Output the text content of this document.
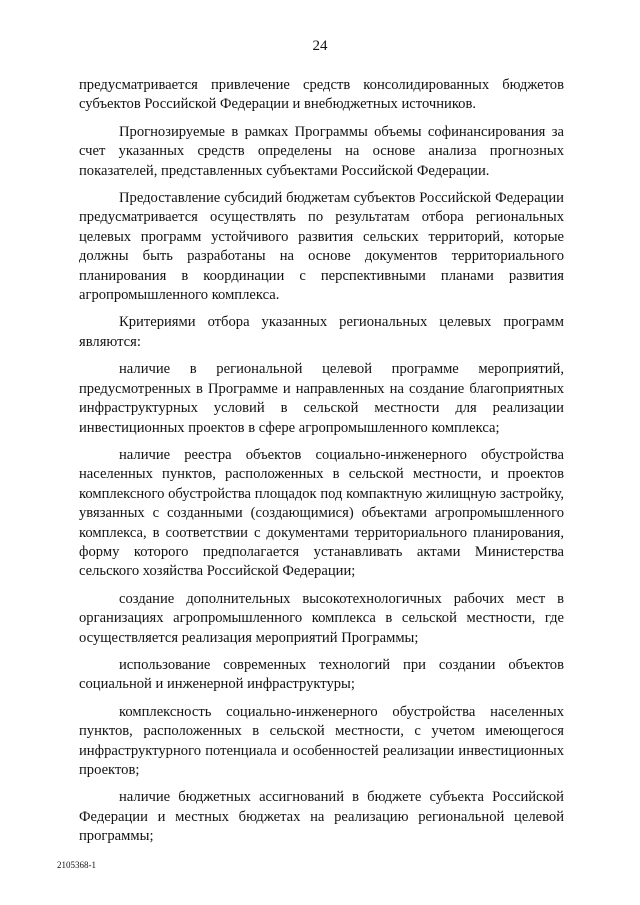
24

предусматривается привлечение средств консолидированных бюджетов субъектов Российской Федерации и внебюджетных источников.

Прогнозируемые в рамках Программы объемы софинансирования за счет указанных средств определены на основе анализа прогнозных показателей, представленных субъектами Российской Федерации.

Предоставление субсидий бюджетам субъектов Российской Федерации предусматривается осуществлять по результатам отбора региональных целевых программ устойчивого развития сельских территорий, которые должны быть разработаны на основе документов территориального планирования в координации с перспективными планами развития агропромышленного комплекса.

Критериями отбора указанных региональных целевых программ являются:

наличие в региональной целевой программе мероприятий, предусмотренных в Программе и направленных на создание благоприятных инфраструктурных условий в сельской местности для реализации инвестиционных проектов в сфере агропромышленного комплекса;

наличие реестра объектов социально-инженерного обустройства населенных пунктов, расположенных в сельской местности, и проектов комплексного обустройства площадок под компактную жилищную застройку, увязанных с созданными (создающимися) объектами агропромышленного комплекса, в соответствии с документами территориального планирования, форму которого предполагается устанавливать актами Министерства сельского хозяйства Российской Федерации;

создание дополнительных высокотехнологичных рабочих мест в организациях агропромышленного комплекса в сельской местности, где осуществляется реализация мероприятий Программы;

использование современных технологий при создании объектов социальной и инженерной инфраструктуры;

комплексность социально-инженерного обустройства населенных пунктов, расположенных в сельской местности, с учетом имеющегося инфраструктурного потенциала и особенностей реализации инвестиционных проектов;

наличие бюджетных ассигнований в бюджете субъекта Российской Федерации и местных бюджетах на реализацию региональной целевой программы;

2105368-1
